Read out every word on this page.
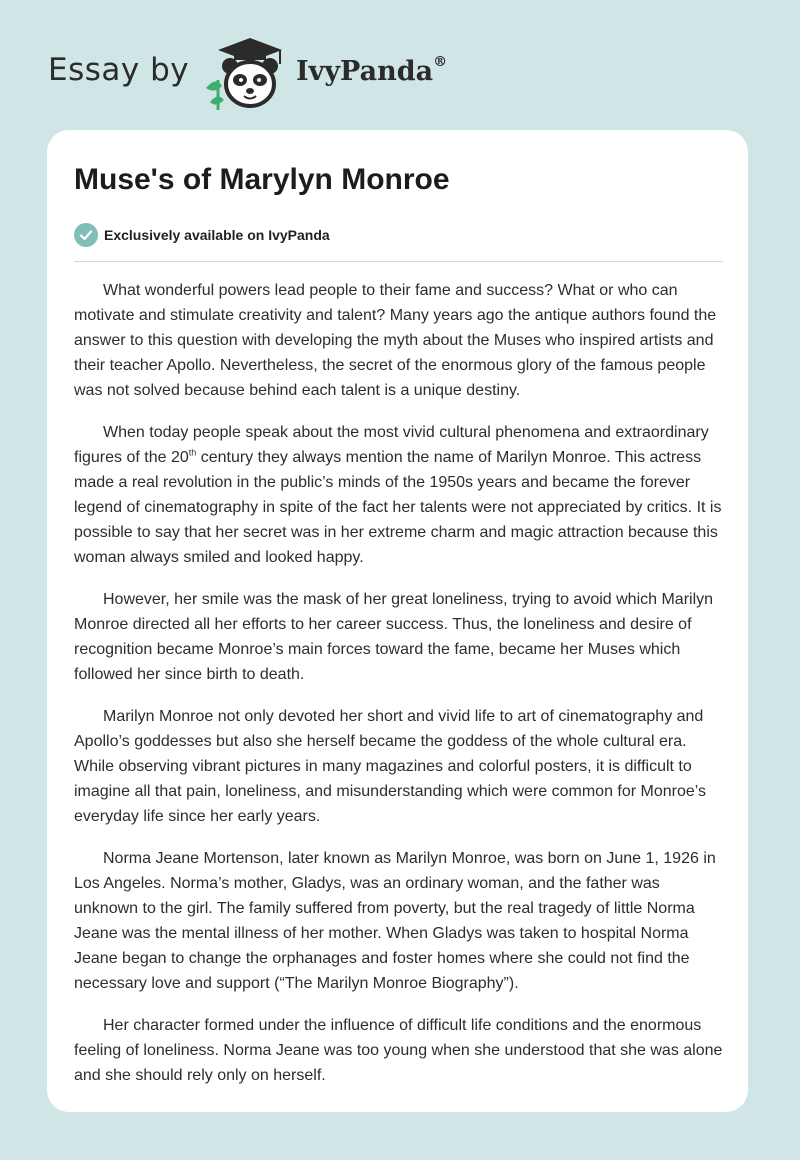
Essay by	IvyPanda®
Muse's of Marylyn Monroe
Exclusively available on IvyPanda

What wonderful powers lead people to their fame and success? What or who can motivate and stimulate creativity and talent? Many years ago the antique authors found the answer to this question with developing the myth about the Muses who inspired artists and their teacher Apollo. Nevertheless, the secret of the enormous glory of the famous people was not solved because behind each talent is a unique destiny.

When today people speak about the most vivid cultural phenomena and extraordinary figures of the 20th century they always mention the name of Marilyn Monroe. This actress made a real revolution in the public’s minds of the 1950s years and became the forever legend of cinematography in spite of the fact her talents were not appreciated by critics. It is possible to say that her secret was in her extreme charm and magic attraction because this woman always smiled and looked happy.

However, her smile was the mask of her great loneliness, trying to avoid which Marilyn Monroe directed all her efforts to her career success. Thus, the loneliness and desire of recognition became Monroe’s main forces toward the fame, became her Muses which followed her since birth to death.

Marilyn Monroe not only devoted her short and vivid life to art of cinematography and Apollo’s goddesses but also she herself became the goddess of the whole cultural era. While observing vibrant pictures in many magazines and colorful posters, it is difficult to imagine all that pain, loneliness, and misunderstanding which were common for Monroe’s everyday life since her early years.

Norma Jeane Mortenson, later known as Marilyn Monroe, was born on June 1, 1926 in Los Angeles. Norma’s mother, Gladys, was an ordinary woman, and the father was unknown to the girl. The family suffered from poverty, but the real tragedy of little Norma Jeane was the mental illness of her mother. When Gladys was taken to hospital Norma Jeane began to change the orphanages and foster homes where she could not find the necessary love and support (“The Marilyn Monroe Biography”).

Her character formed under the influence of difficult life conditions and the enormous feeling of loneliness. Norma Jeane was too young when she understood that she was alone and she should rely only on herself.
